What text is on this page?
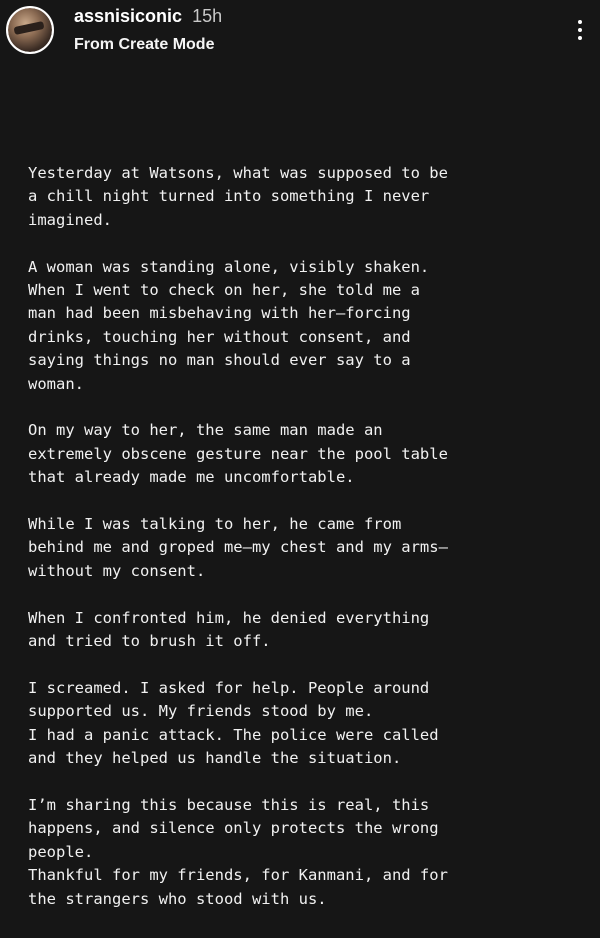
assnisiconic 15h
From Create Mode
Yesterday at Watsons, what was supposed to be
a chill night turned into something I never
imagined.
A woman was standing alone, visibly shaken.
When I went to check on her, she told me a
man had been misbehaving with her—forcing
drinks, touching her without consent, and
saying things no man should ever say to a
woman.
On my way to her, the same man made an
extremely obscene gesture near the pool table
that already made me uncomfortable.
While I was talking to her, he came from
behind me and groped me—my chest and my arms—
without my consent.
When I confronted him, he denied everything
and tried to brush it off.
I screamed. I asked for help. People around
supported us. My friends stood by me.
I had a panic attack. The police were called
and they helped us handle the situation.
I’m sharing this because this is real, this
happens, and silence only protects the wrong
people.
Thankful for my friends, for Kanmani, and for
the strangers who stood with us.
